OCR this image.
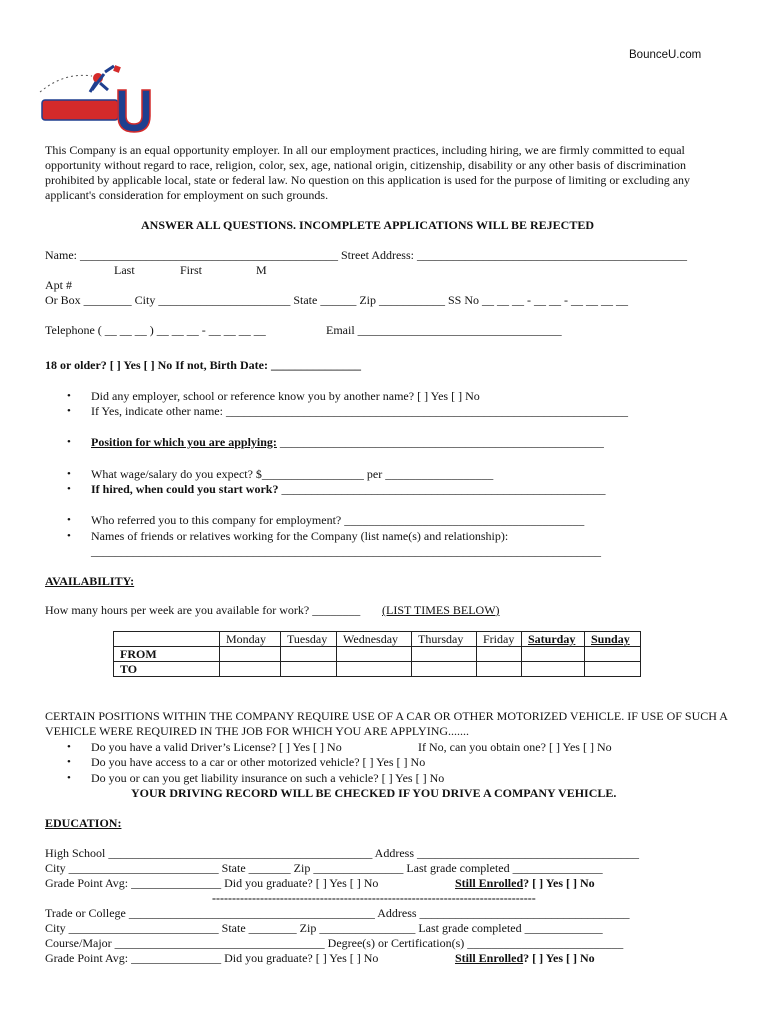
BounceU.com
This Company is an equal opportunity employer. In all our employment practices, including hiring, we are firmly committed to equal opportunity without regard to race, religion, color, sex, age, national origin, citizenship, disability or any other basis of discrimination prohibited by applicable local, state or federal law. No question on this application is used for the purpose of limiting or excluding any applicant's consideration for employment on such grounds.
ANSWER ALL QUESTIONS. INCOMPLETE APPLICATIONS WILL BE REJECTED
Name: ___________________________________________ Street Address: _____________________________________________
Last	First	M
Apt #
Or Box ________ City ______________________ State ______ Zip ___________ SS No __ __ __ - __ __ - __ __ __ __
Telephone ( __ __ __ ) __ __ __ - __ __ __ __	Email __________________________________
18 or older? [ ] Yes [ ] No If not, Birth Date: _______________
• Did any employer, school or reference know you by another name? [ ] Yes [ ] No
• If Yes, indicate other name: ___________________________________________________________________
• Position for which you are applying: ______________________________________________________
• What wage/salary do you expect? $_________________ per __________________
• If hired, when could you start work? ______________________________________________________
• Who referred you to this company for employment? ________________________________________
• Names of friends or relatives working for the Company (list name(s) and relationship):
_____________________________________________________________________________________
AVAILABILITY:
How many hours per week are you available for work? ________ (LIST TIMES BELOW)
	Monday	Tuesday	Wednesday	Thursday	Friday	Saturday	Sunday
FROM							
TO							
CERTAIN POSITIONS WITHIN THE COMPANY REQUIRE USE OF A CAR OR OTHER MOTORIZED VEHICLE. IF USE OF SUCH A VEHICLE WERE REQUIRED IN THE JOB FOR WHICH YOU ARE APPLYING.......
• Do you have a valid Driver’s License? [ ] Yes [ ] No	If No, can you obtain one? [ ] Yes [ ] No
• Do you have access to a car or other motorized vehicle? [ ] Yes [ ] No
• Do you or can you get liability insurance on such a vehicle? [ ] Yes [ ] No
YOUR DRIVING RECORD WILL BE CHECKED IF YOU DRIVE A COMPANY VEHICLE.
EDUCATION:
High School ____________________________________________ Address _____________________________________
City _________________________ State _______ Zip _______________ Last grade completed _______________
Grade Point Avg: _______________ Did you graduate? [ ] Yes [ ] No	Still Enrolled? [ ] Yes [ ] No
---------------------------------------------------------------------------------
Trade or College _________________________________________ Address ___________________________________
City _________________________ State ________ Zip ________________ Last grade completed _____________
Course/Major ___________________________________ Degree(s) or Certification(s) __________________________
Grade Point Avg: _______________ Did you graduate? [ ] Yes [ ] No	Still Enrolled? [ ] Yes [ ] No
